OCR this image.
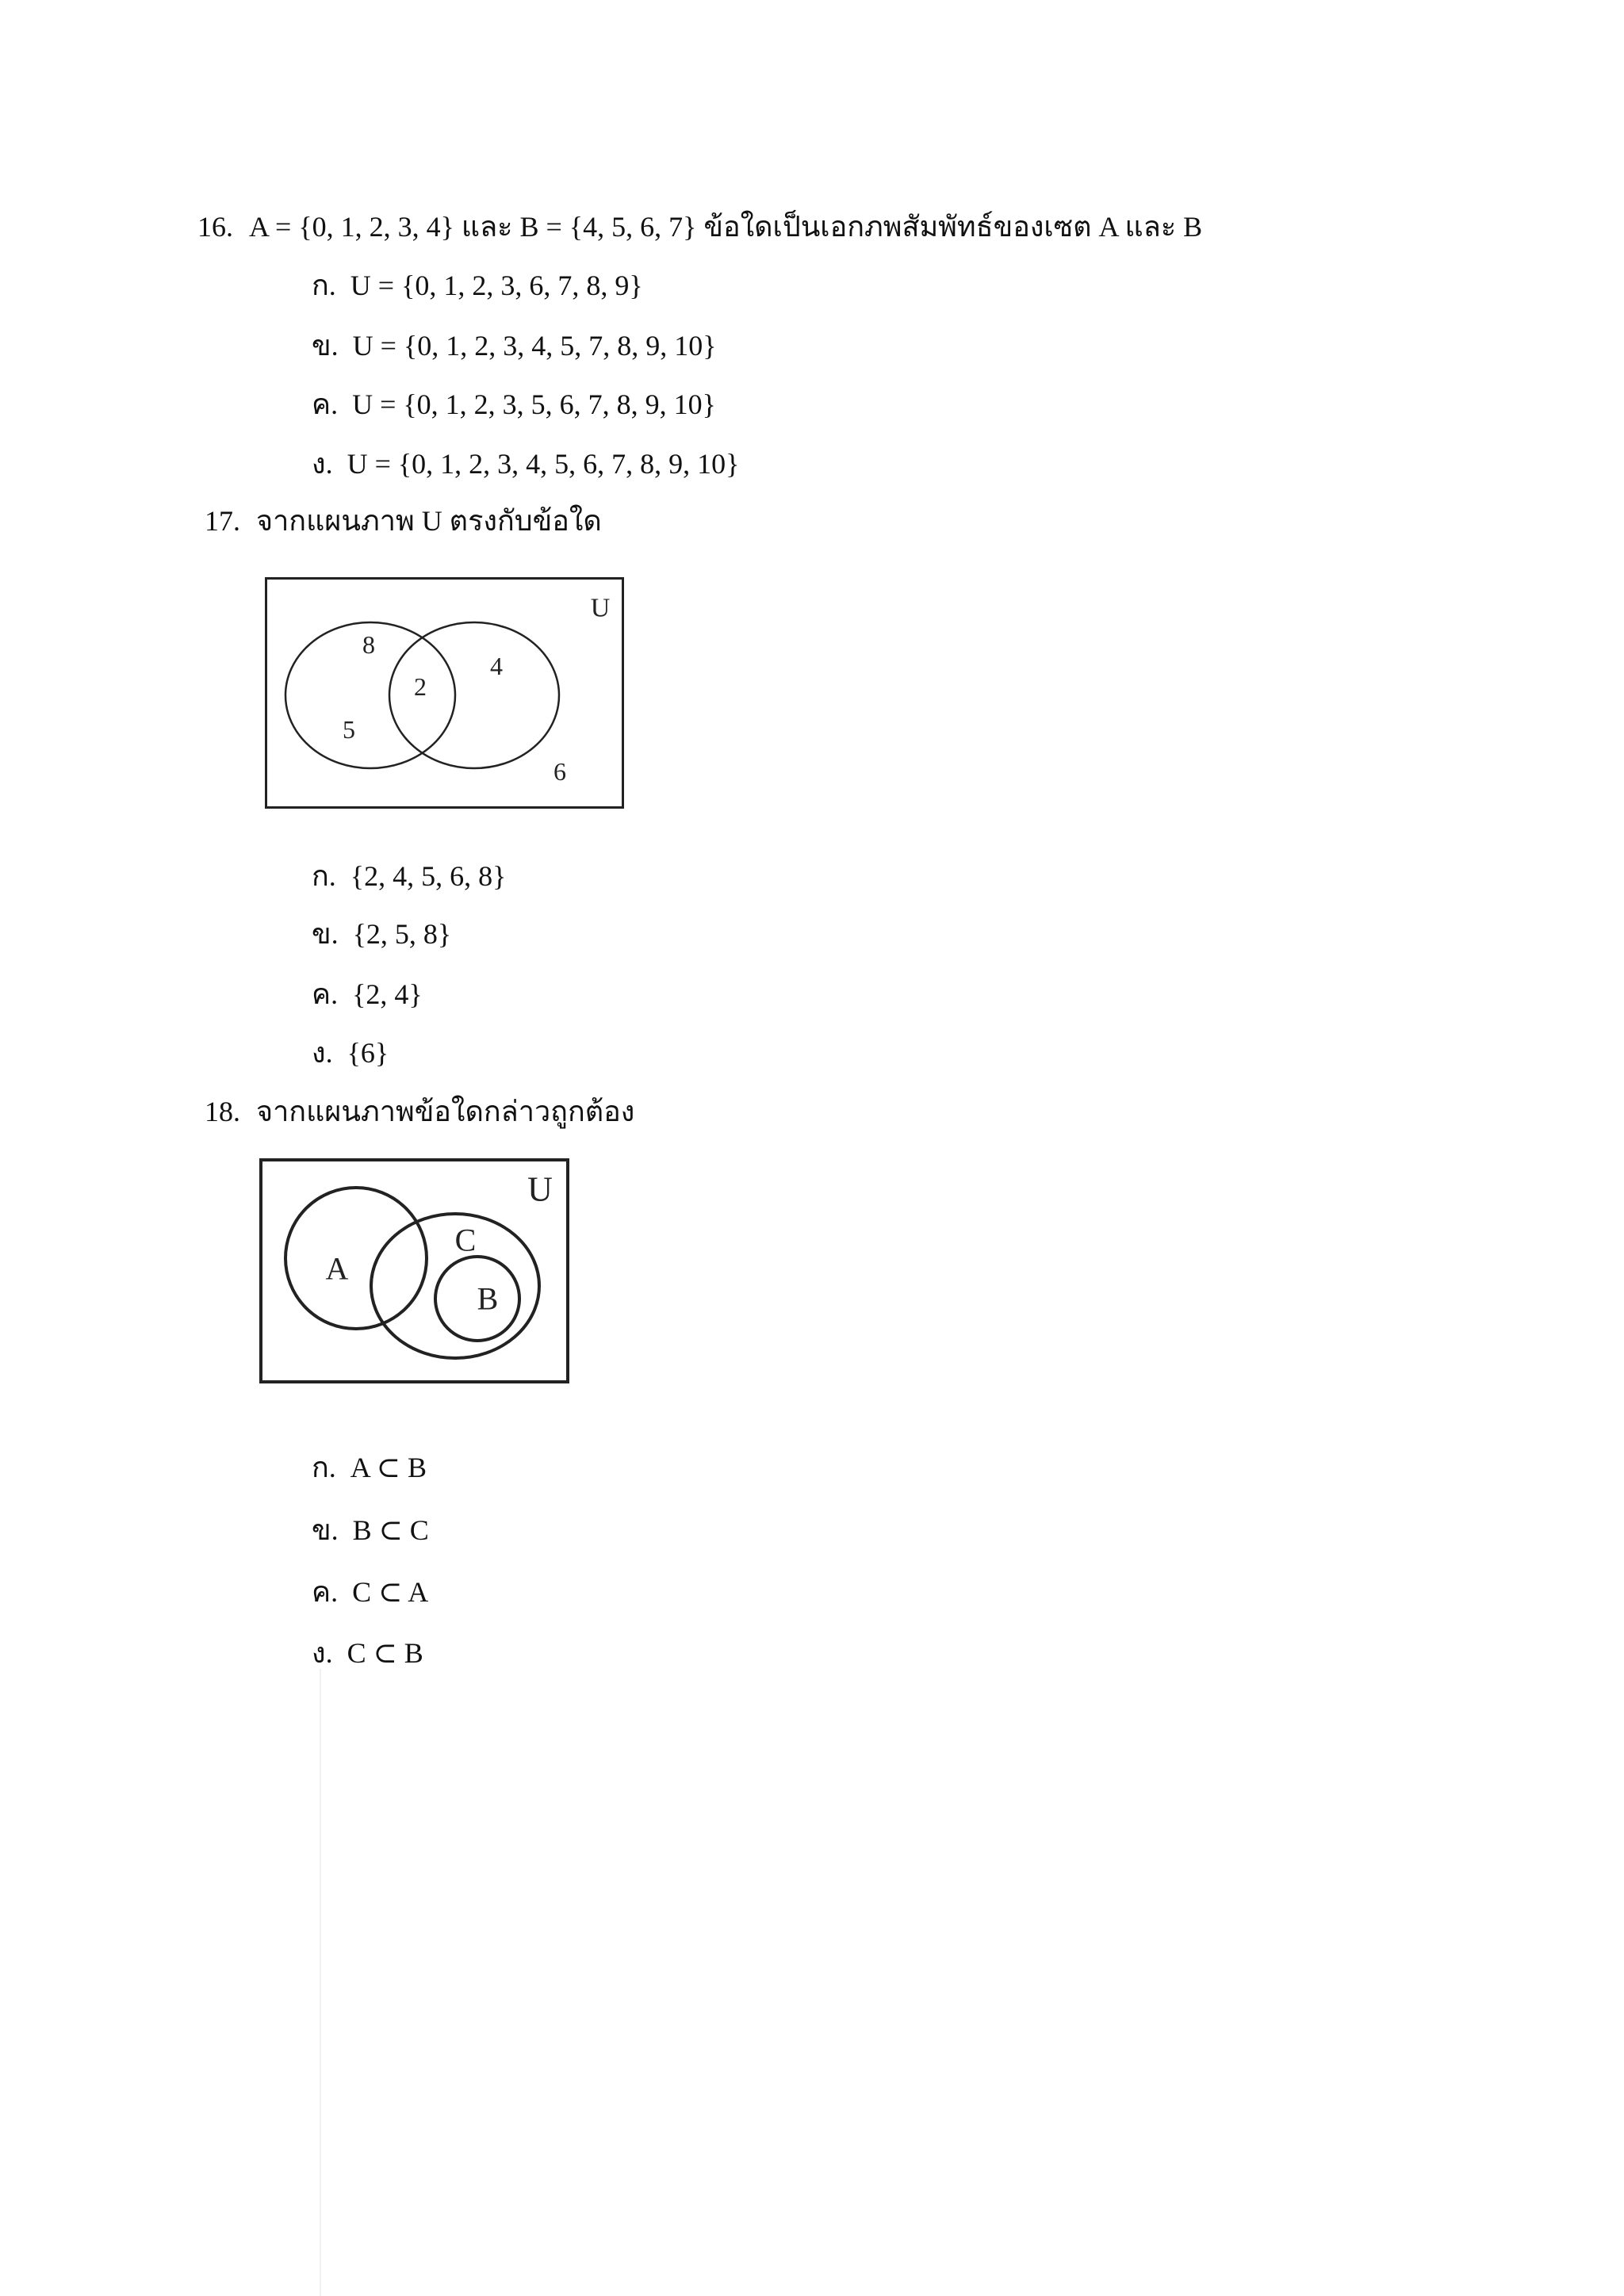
16. A = {0, 1, 2, 3, 4} และ B = {4, 5, 6, 7} ข้อใดเป็นเอกภพสัมพัทธ์ของเซต A และ B
ก. U = {0, 1, 2, 3, 6, 7, 8, 9}
ข. U = {0, 1, 2, 3, 4, 5, 7, 8, 9, 10}
ค. U = {0, 1, 2, 3, 5, 6, 7, 8, 9, 10}
ง. U = {0, 1, 2, 3, 4, 5, 6, 7, 8, 9, 10}
17. จากแผนภาพ U ตรงกับข้อใด
U
8
2
4
5
6
ก. {2, 4, 5, 6, 8}
ข. {2, 5, 8}
ค. {2, 4}
ง. {6}
18. จากแผนภาพข้อใดกล่าวถูกต้อง
U
A
C
B
ก. A ⊂ B
ข. B ⊂ C
ค. C ⊂ A
ง. C ⊂ B
